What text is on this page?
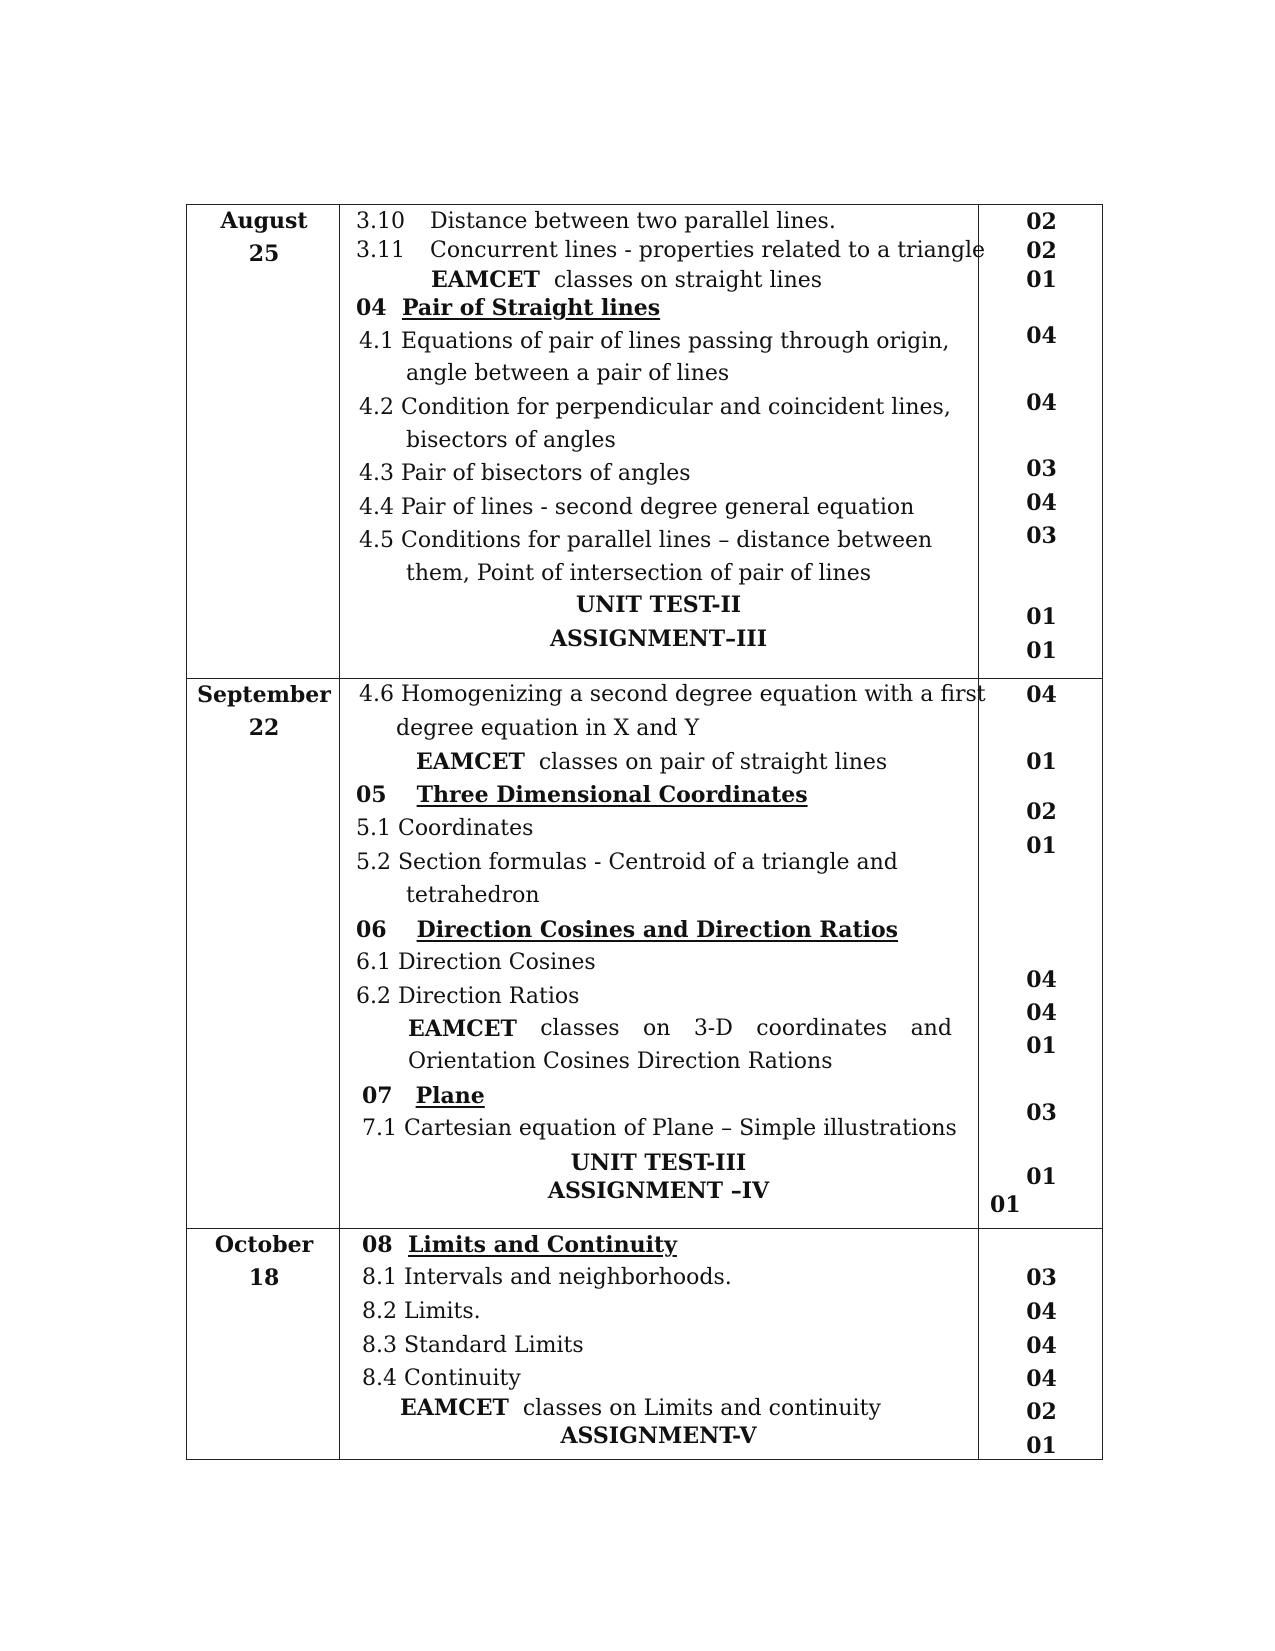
August
25
3.10 Distance between two parallel lines.
3.11 Concurrent lines - properties related to a triangle
EAMCET classes on straight lines
04 Pair of Straight lines
4.1 Equations of pair of lines passing through origin,
angle between a pair of lines
4.2 Condition for perpendicular and coincident lines,
bisectors of angles
4.3 Pair of bisectors of angles
4.4 Pair of lines - second degree general equation
4.5 Conditions for parallel lines – distance between
them, Point of intersection of pair of lines
UNIT TEST-II
ASSIGNMENT–III
02
02
01
04
04
03
04
03
01
01
September
22
4.6 Homogenizing a second degree equation with a first
degree equation in X and Y
EAMCET classes on pair of straight lines
05 Three Dimensional Coordinates
5.1 Coordinates
5.2 Section formulas - Centroid of a triangle and
tetrahedron
06 Direction Cosines and Direction Ratios
6.1 Direction Cosines
6.2 Direction Ratios
EAMCET classes on 3-D coordinates and
Orientation Cosines Direction Rations
07 Plane
7.1 Cartesian equation of Plane – Simple illustrations
UNIT TEST-III
ASSIGNMENT –IV
04
01
02
01
04
04
01
03
01
01
October
18
08 Limits and Continuity
8.1 Intervals and neighborhoods.
8.2 Limits.
8.3 Standard Limits
8.4 Continuity
EAMCET classes on Limits and continuity
ASSIGNMENT-V
03
04
04
04
02
01
